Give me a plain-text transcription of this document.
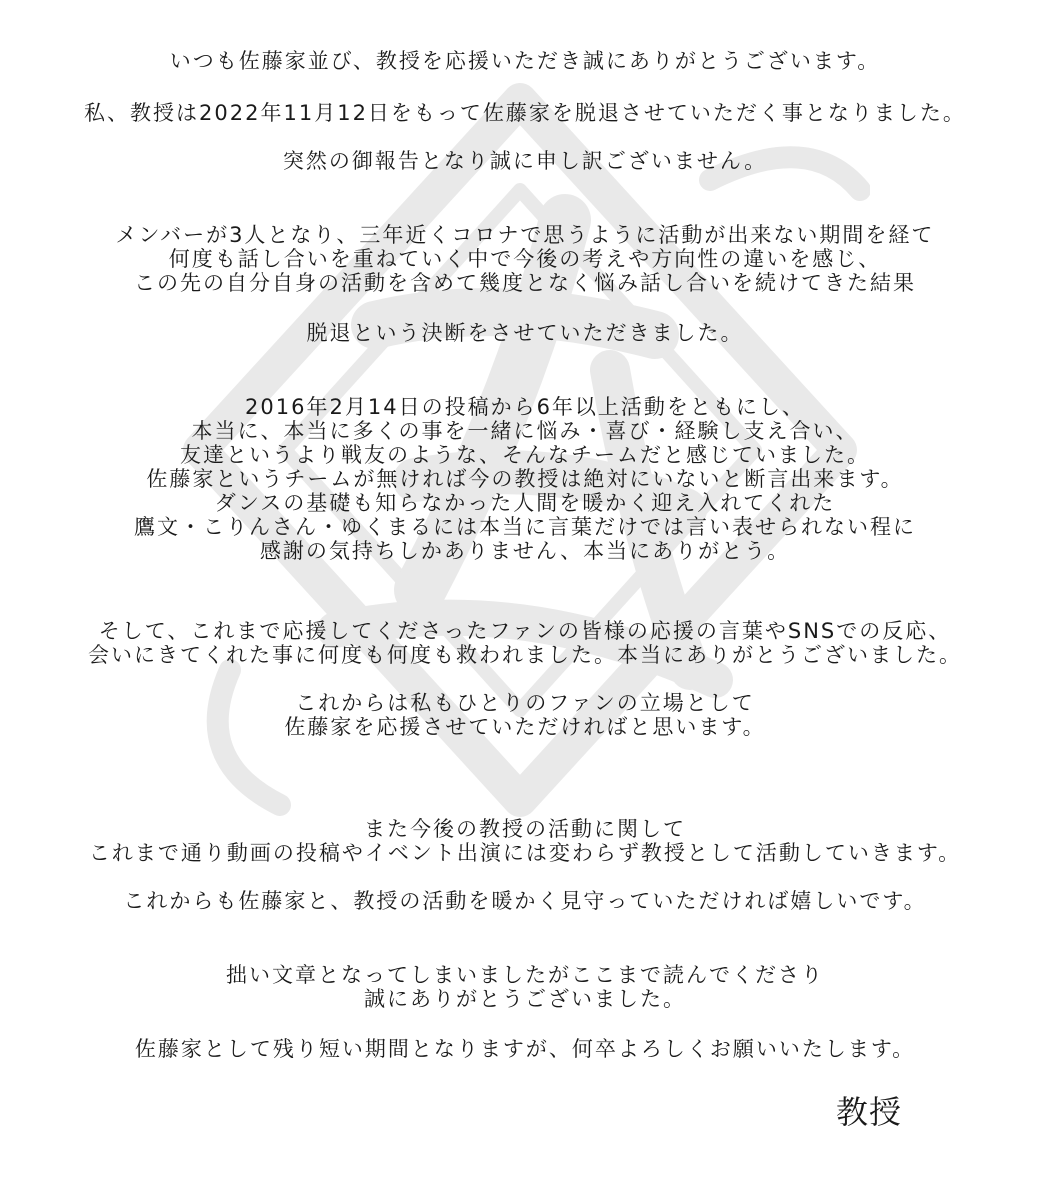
いつも佐藤家並び、教授を応援いただき誠にありがとうございます。
私、教授は2022年11月12日をもって佐藤家を脱退させていただく事となりました。
突然の御報告となり誠に申し訳ございません。
メンバーが3人となり、三年近くコロナで思うように活動が出来ない期間を経て
何度も話し合いを重ねていく中で今後の考えや方向性の違いを感じ、
この先の自分自身の活動を含めて幾度となく悩み話し合いを続けてきた結果
脱退という決断をさせていただきました。
2016年2月14日の投稿から6年以上活動をともにし、
本当に、本当に多くの事を一緒に悩み・喜び・経験し支え合い、
友達というより戦友のような、そんなチームだと感じていました。
佐藤家というチームが無ければ今の教授は絶対にいないと断言出来ます。
ダンスの基礎も知らなかった人間を暖かく迎え入れてくれた
鷹文・こりんさん・ゆくまるには本当に言葉だけでは言い表せられない程に
感謝の気持ちしかありません、本当にありがとう。
そして、これまで応援してくださったファンの皆様の応援の言葉やSNSでの反応、
会いにきてくれた事に何度も何度も救われました。本当にありがとうございました。
これからは私もひとりのファンの立場として
佐藤家を応援させていただければと思います。
また今後の教授の活動に関して
これまで通り動画の投稿やイベント出演には変わらず教授として活動していきます。
これからも佐藤家と、教授の活動を暖かく見守っていただければ嬉しいです。
拙い文章となってしまいましたがここまで読んでくださり
誠にありがとうございました。
佐藤家として残り短い期間となりますが、何卒よろしくお願いいたします。
教授
